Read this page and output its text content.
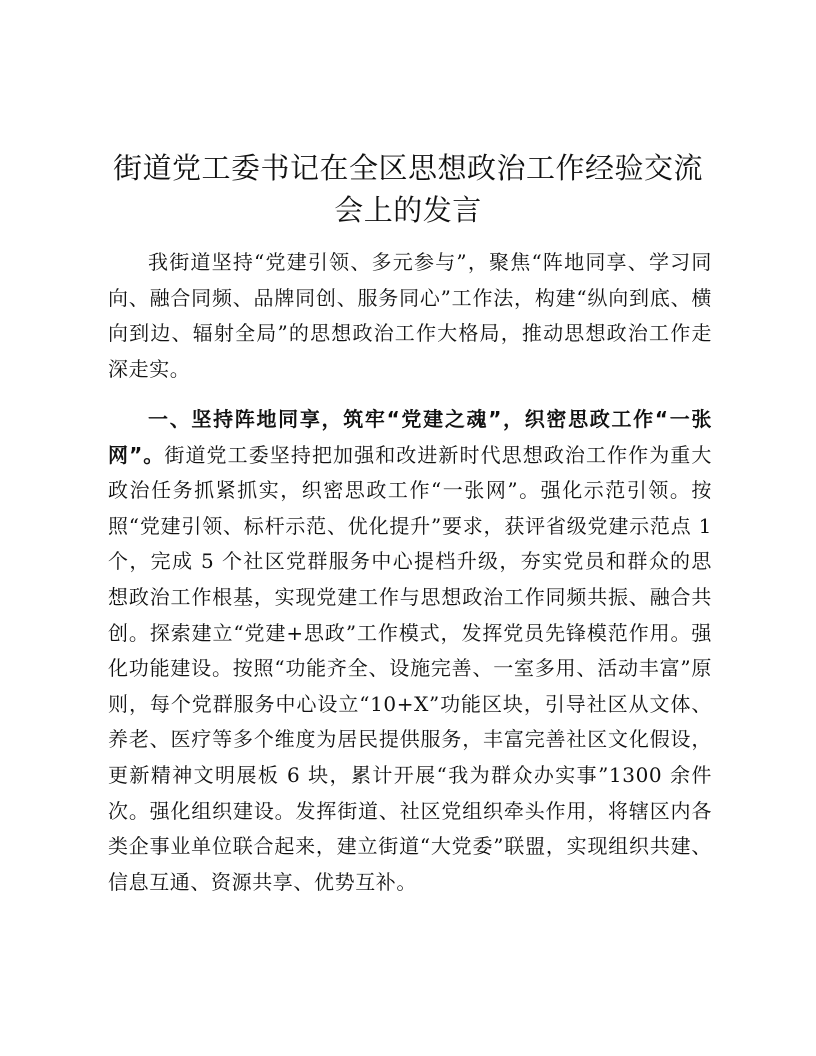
街道党工委书记在全区思想政治工作经验交流会上的发言

我街道坚持“党建引领、多元参与”，聚焦“阵地同享、学习同向、融合同频、品牌同创、服务同心”工作法，构建“纵向到底、横向到边、辐射全局”的思想政治工作大格局，推动思想政治工作走深走实。

一、坚持阵地同享，筑牢“党建之魂”，织密思政工作“一张网”。街道党工委坚持把加强和改进新时代思想政治工作作为重大政治任务抓紧抓实，织密思政工作“一张网”。强化示范引领。按照“党建引领、标杆示范、优化提升”要求，获评省级党建示范点 1 个，完成 5 个社区党群服务中心提档升级，夯实党员和群众的思想政治工作根基，实现党建工作与思想政治工作同频共振、融合共创。探索建立“党建+思政”工作模式，发挥党员先锋模范作用。强化功能建设。按照“功能齐全、设施完善、一室多用、活动丰富”原则，每个党群服务中心设立“10+X”功能区块，引导社区从文体、养老、医疗等多个维度为居民提供服务，丰富完善社区文化假设，更新精神文明展板 6 块，累计开展“我为群众办实事”1300 余件次。强化组织建设。发挥街道、社区党组织牵头作用，将辖区内各类企事业单位联合起来，建立街道“大党委”联盟，实现组织共建、信息互通、资源共享、优势互补。
